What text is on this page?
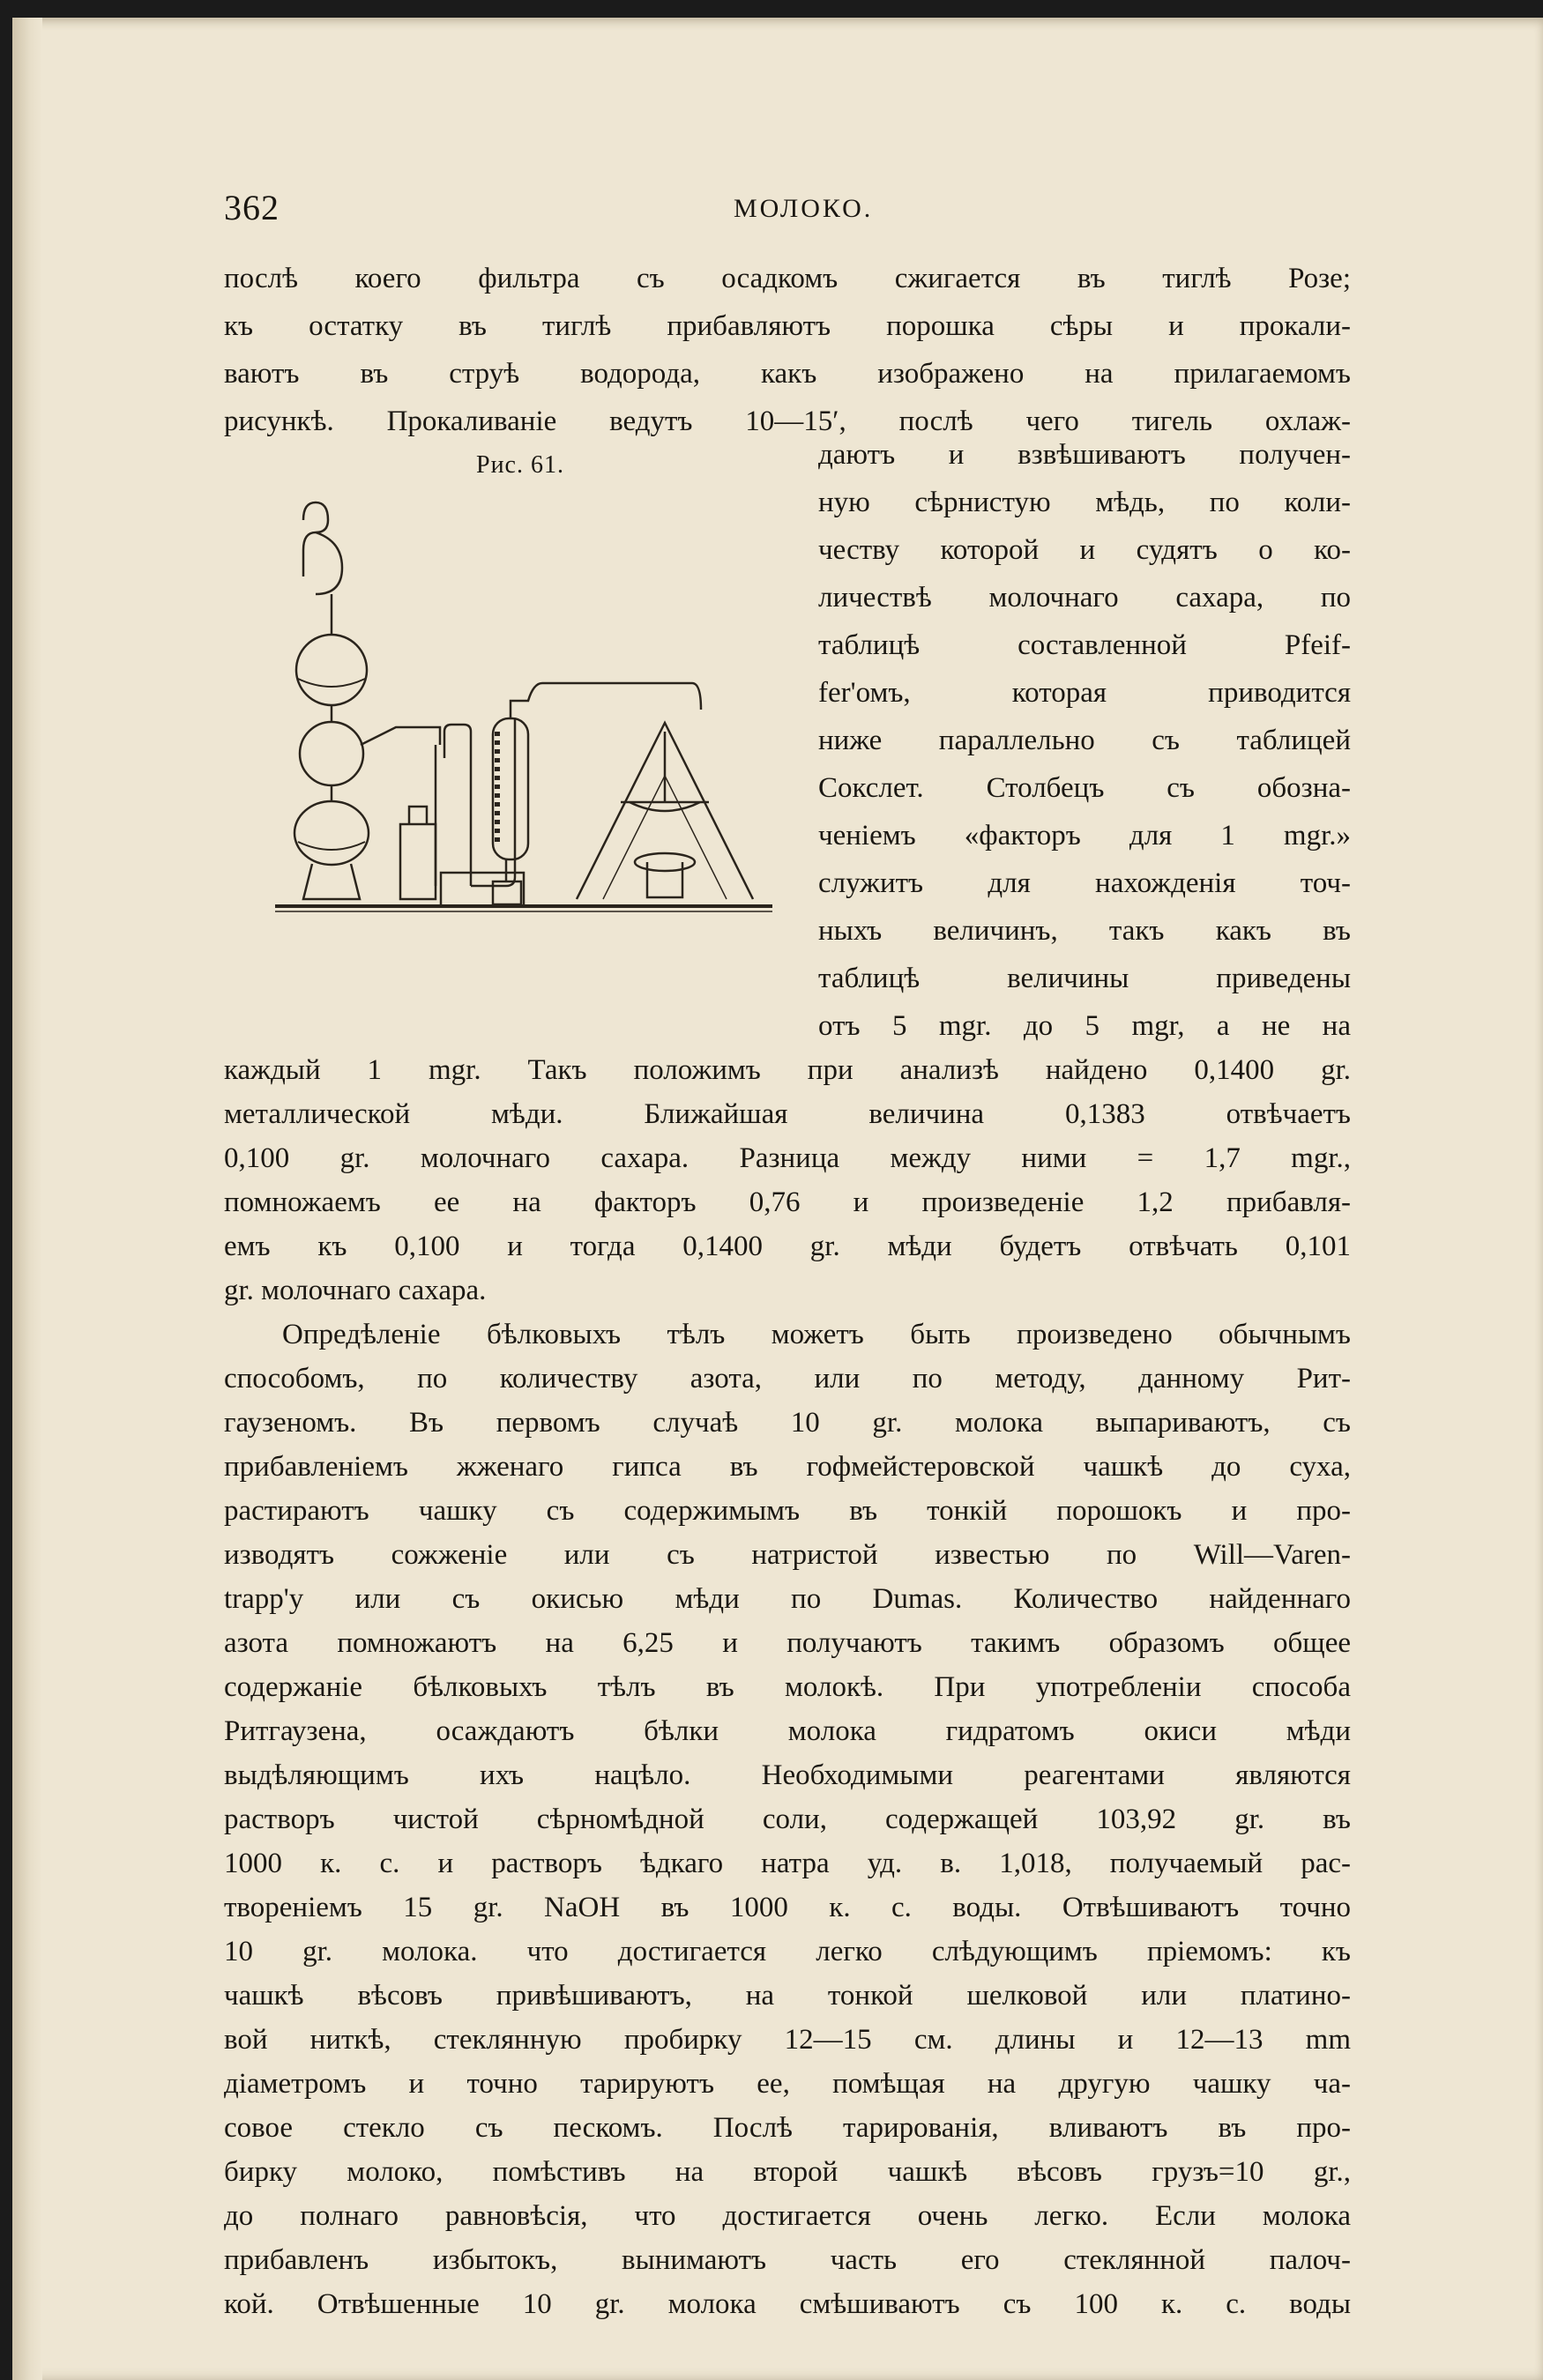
362	МОЛОКО.
послѣ коего фильтра съ осадкомъ сжигается въ тиглѣ Розе;
къ остатку въ тиглѣ прибавляютъ порошка сѣры и прокали-
ваютъ въ струѣ водорода, какъ изображено на прилагаемомъ
рисункѣ. Прокаливаніе ведутъ 10—15′, послѣ чего тигель охлаж-
Рис. 61.	даютъ и взвѣшиваютъ получен-
ную сѣрнистую мѣдь, по коли-
честву которой и судятъ о ко-
личествѣ молочнаго сахара, по
таблицѣ составленной Pfeif-
fer'омъ, которая приводится
ниже параллельно съ таблицей
Сокслет. Столбецъ съ обозна-
ченіемъ «факторъ для 1 mgr.»
служитъ для нахожденія точ-
ныхъ величинъ, такъ какъ въ
таблицѣ величины приведены
отъ 5 mgr. до 5 mgr, а не на
каждый 1 mgr. Такъ положимъ при анализѣ найдено 0,1400 gr.
металлической мѣди. Ближайшая величина 0,1383 отвѣчаетъ
0,100 gr. молочнаго сахара. Разница между ними = 1,7 mgr.,
помножаемъ ее на факторъ 0,76 и произведеніе 1,2 прибавля-
емъ къ 0,100 и тогда 0,1400 gr. мѣди будетъ отвѣчать 0,101
gr. молочнаго сахара.
Опредѣленіе бѣлковыхъ тѣлъ можетъ быть произведено обычнымъ
способомъ, по количеству азота, или по методу, данному Рит-
гаузеномъ. Въ первомъ случаѣ 10 gr. молока выпариваютъ, съ
прибавленіемъ жженаго гипса въ гофмейстеровской чашкѣ до суха,
растираютъ чашку съ содержимымъ въ тонкій порошокъ и про-
изводятъ сожженіе или съ натристой известью по Will—Varen-
trapp'у или съ окисью мѣди по Dumas. Количество найденнаго
азота помножаютъ на 6,25 и получаютъ такимъ образомъ общее
содержаніе бѣлковыхъ тѣлъ въ молокѣ. При употребленіи способа
Ритгаузена, осаждаютъ бѣлки молока гидратомъ окиси мѣди
выдѣляющимъ ихъ нацѣло. Необходимыми реагентами являются
растворъ чистой сѣрномѣдной соли, содержащей 103,92 gr. въ
1000 к. с. и растворъ ѣдкаго натра уд. в. 1,018, получаемый рас-
твореніемъ 15 gr. NaOH въ 1000 к. с. воды. Отвѣшиваютъ точно
10 gr. молока. что достигается легко слѣдующимъ пріемомъ: къ
чашкѣ вѣсовъ привѣшиваютъ, на тонкой шелковой или платино-
вой ниткѣ, стеклянную пробирку 12—15 см. длины и 12—13 mm
діаметромъ и точно тарируютъ ее, помѣщая на другую чашку ча-
совое стекло съ пескомъ. Послѣ тарированія, вливаютъ въ про-
бирку молоко, помѣстивъ на второй чашкѣ вѣсовъ грузъ=10 gr.,
до полнаго равновѣсія, что достигается очень легко. Если молока
прибавленъ избытокъ, вынимаютъ часть его стеклянной палоч-
кой. Отвѣшенные 10 gr. молока смѣшиваютъ съ 100 к. с. воды
